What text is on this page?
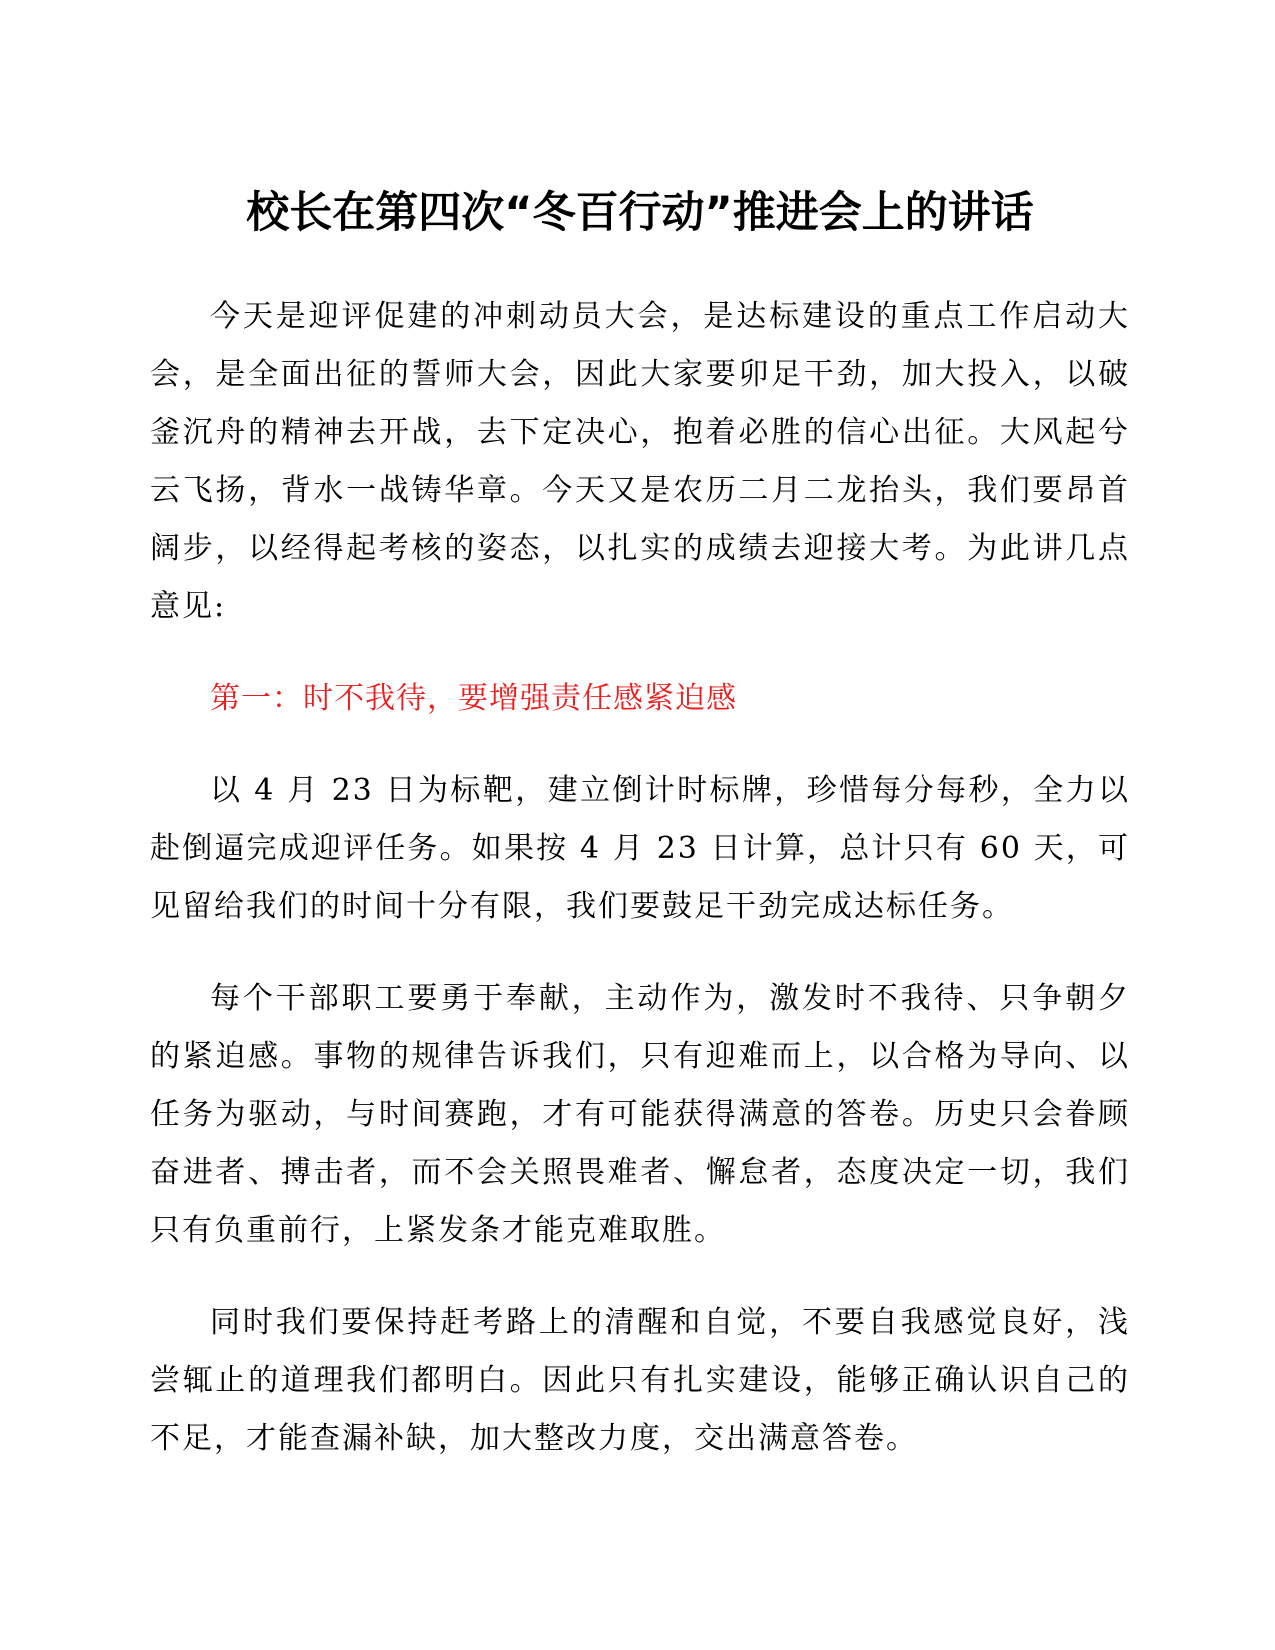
校长在第四次“冬百行动”推进会上的讲话

今天是迎评促建的冲刺动员大会，是达标建设的重点工作启动大会，是全面出征的誓师大会，因此大家要卯足干劲，加大投入，以破釜沉舟的精神去开战，去下定决心，抱着必胜的信心出征。大风起兮云飞扬，背水一战铸华章。今天又是农历二月二龙抬头，我们要昂首阔步，以经得起考核的姿态，以扎实的成绩去迎接大考。为此讲几点意见:

第一：时不我待，要增强责任感紧迫感

以 4 月 23 日为标靶，建立倒计时标牌，珍惜每分每秒，全力以赴倒逼完成迎评任务。如果按 4 月 23 日计算，总计只有 60 天，可见留给我们的时间十分有限，我们要鼓足干劲完成达标任务。

每个干部职工要勇于奉献，主动作为，激发时不我待、只争朝夕的紧迫感。事物的规律告诉我们，只有迎难而上，以合格为导向、以任务为驱动，与时间赛跑，才有可能获得满意的答卷。历史只会眷顾奋进者、搏击者，而不会关照畏难者、懈怠者，态度决定一切，我们只有负重前行，上紧发条才能克难取胜。

同时我们要保持赶考路上的清醒和自觉，不要自我感觉良好，浅尝辄止的道理我们都明白。因此只有扎实建设，能够正确认识自己的不足，才能查漏补缺，加大整改力度，交出满意答卷。
